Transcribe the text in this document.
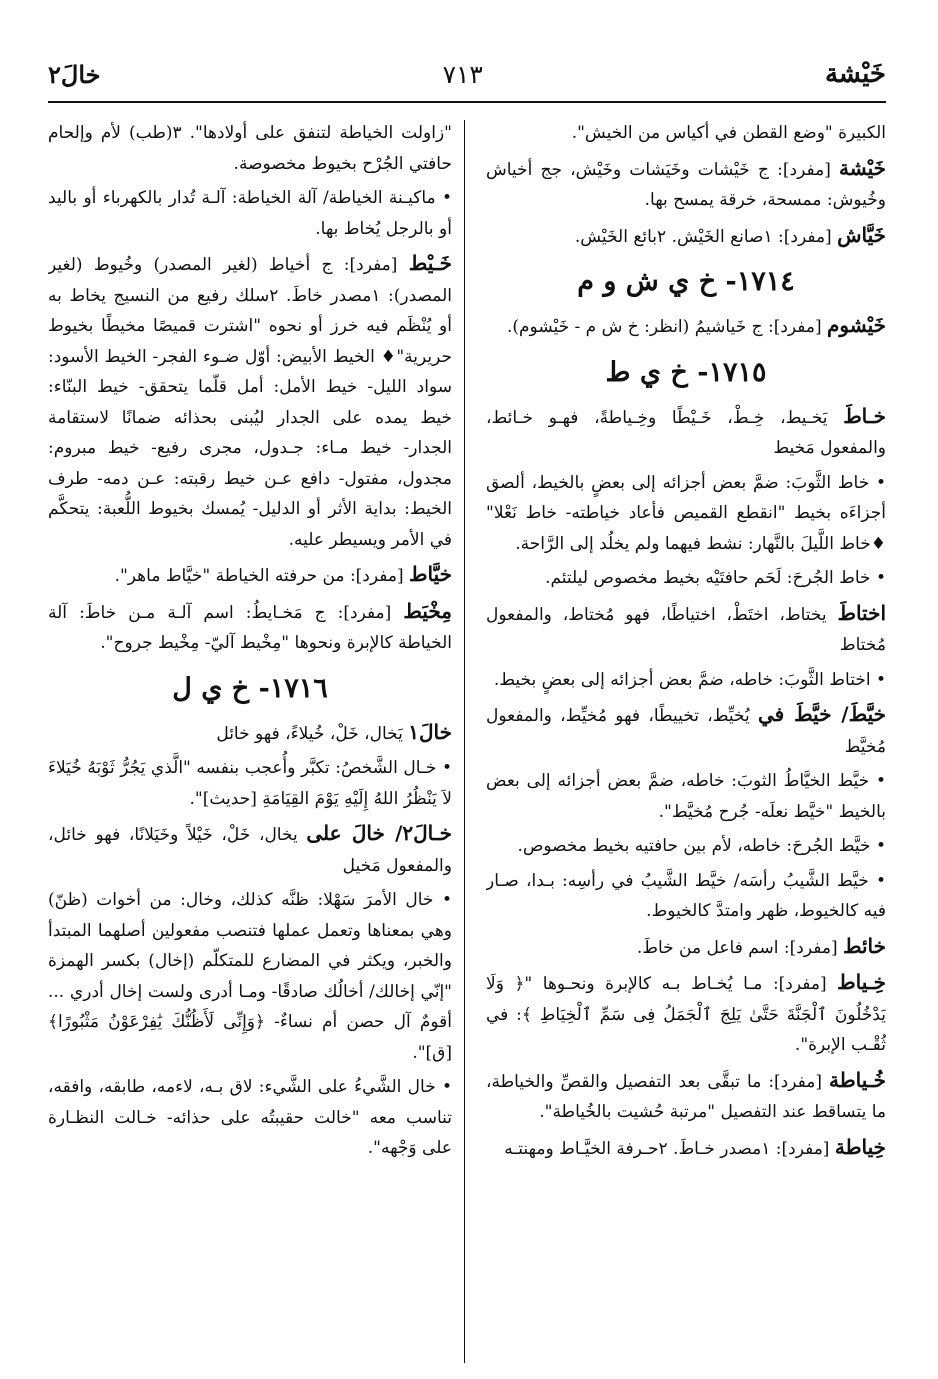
خَيْشة
٧١٣
خالَ٢

الكبيرة "وضع القطن في أكياس من الخيش".

خَيْشة [مفرد]: ج خَيْشات وخَيَشات وخَيْش، جج أخياش وخُيوش: ممسحة، خرقة يمسح بها.

خَيَّاش [مفرد]: ١صانع الخَيْش. ٢بائع الخَيْش.

١٧١٤- خ ي ش و م

خَيْشوم [مفرد]: ج خَياشيمُ (انظر: خ ش م - خَيْشوم).

١٧١٥- خ ي ط

خـاطَ يَخـيط، خِـطْ، خَـيْطًا وخِـياطةً، فهـو خـائط، والمفعول مَخيط

• خاط الثَّوبَ: ضمَّ بعض أجزائه إلى بعضٍ بالخيط، ألصق أجزاءَه بخيط "انقطع القميص فأعاد خياطته- خاط نَعْلا" ♦خاط اللَّيلَ بالنَّهار: نشط فيهما ولم يخلُد إلى الرَّاحة.

• خاط الجُرحَ: لَحَم حافتَيْه بخيط مخصوص ليلتئم.

اختاطَ يختاط، اختَطْ، اختياطًا، فهو مُختاط، والمفعول مُختاط

• اختاط الثَّوبَ: خاطه، ضمَّ بعض أجزائه إلى بعضٍ بخيط.

خيَّطَ/ خيَّطَ في يُخيِّط، تخييطًا، فهو مُخيِّط، والمفعول مُخيَّط

• خيَّط الخيَّاطُ الثوبَ: خاطه، ضمَّ بعض أجزائه إلى بعض بالخيط "خيَّط نعلَه- جُرح مُخيَّط".

• خيَّط الجُرحَ: خاطه، لأم بين حافتيه بخيط مخصوص.

• خيَّط الشَّيبُ رأسَه/ خيَّط الشَّيبُ في رأسِه: بـدا، صـار فيه كالخيوط، ظهر وامتدَّ كالخيوط.

خائط [مفرد]: اسم فاعل من خاطَ.

خِـياط [مفرد]: مـا يُخـاط بـه كالإبرة ونحـوها "﴿ وَلَا يَدْخُلُونَ ٱلْجَنَّةَ حَتَّىٰ يَلِجَ ٱلْجَمَلُ فِى سَمِّ ٱلْخِيَاطِ ﴾: في ثُقْـب الإبرة".

خُـياطة [مفرد]: ما تبقَّى بعد التفصيل والقصِّ والخياطة، ما يتساقط عند التفصيل "مرتبة حُشيت بالخُياطة".

خِياطة [مفرد]: ١مصدر خـاطَ. ٢حـرفة الخيَّـاط ومهنتـه

"زاولت الخياطة لتنفق على أولادها". ٣(طب) لأم وإلحام حافتي الجُرْح بخيوط مخصوصة.

• ماكيـنة الخياطة/ آلة الخياطة: آلـة تُدار بالكهرباء أو باليد أو بالرجل يُخاط بها.

خَـيْط [مفرد]: ج أخياط (لغير المصدر) وخُيوط (لغير المصدر): ١مصدر خاطَ. ٢سلك رفيع من النسيج يخاط به أو يُنْظَم فيه خرز أو نحوه "اشترت قميصًا مخيطًا بخيوط حريرية"♦ الخيط الأبيض: أوّل ضـوء الفجر- الخيط الأسود: سواد الليل- خيط الأمل: أمل قلّما يتحقق- خيط البنّاء: خيط يمده على الجدار ليُبنى بحذائه ضمانًا لاستقامة الجدار- خيط مـاء: جـدول، مجرى رفيع- خيط مبروم: مجدول، مفتول- دافع عـن خيط رقبته: عـن دمه- طرف الخيط: بداية الأثر أو الدليل- يُمسك بخيوط اللُّعبة: يتحكَّم في الأمر ويسيطر عليه.

خيَّاط [مفرد]: من حرفته الخياطة "خيَّاط ماهر".

مِخْيَط [مفرد]: ج مَخـايطُ: اسم آلـة مـن خاطَ: آلة الخياطة كالإبرة ونحوها "مِخْيط آليّ- مِخْيط جروح".

١٧١٦- خ ي ل

خالَ١ يَخال، خَلْ، خُيلاءً، فهو خائل

• خـال الشَّخصُ: تكبَّر وأُعجب بنفسه "الَّذي يَجُرُّ ثَوْبَهُ خُيَلاءَ لاَ يَنْظُرُ اللهُ إِلَيْهِ يَوْمَ القِيَامَةِ [حديث]".

خـالَ٢/ خالَ على يخال، خَلْ، خَيْلاً وخَيَلانًا، فهو خائل، والمفعول مَخيل

• خال الأمرَ سَهْلا: ظنَّه كذلك، وخال: من أخوات (ظنّ) وهي بمعناها وتعمل عملها فتنصب مفعولين أصلهما المبتدأ والخبر، ويكثر في المضارع للمتكلّم (إخال) بكسر الهمزة "إنّي إخالك/ أخالُك صادقًا- ومـا أدرى ولست إخال أدري ... أقومٌ آل حصن أم نساءٌ- ﴿وَإِنِّى لَأَظُنُّكَ يَٰفِرْعَوْنُ مَثْبُورًا﴾ [ق]".

• خال الشَّيءُ على الشَّيء: لاق بـه، لاءمه، طابقه، وافقه، تناسب معه "خالت حقيبتُه على حذائه- خـالت النظـارة على وَجْهه".
